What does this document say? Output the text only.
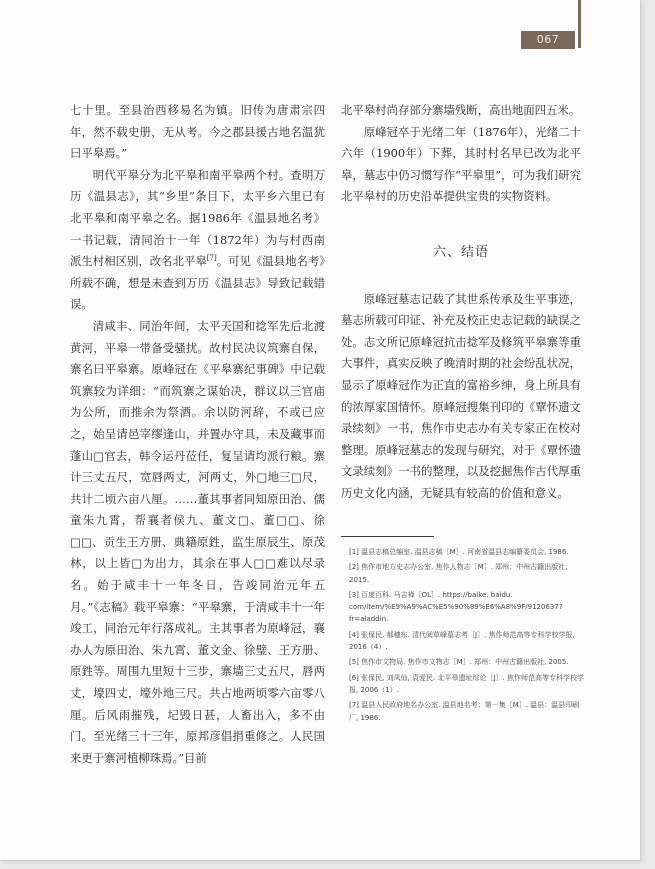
067

七十里。至县治西移易名为镇。旧传为唐肃宗四年，然不载史册，无从考。今之郡县援古地名温犹曰平皋焉。”

明代平皋分为北平皋和南平皋两个村。查明万历《温县志》，其“乡里”条目下，太平乡六里已有北平皋和南平皋之名。据1986年《温县地名考》一书记载，清同治十一年（1872年）为与村西南派生村相区别，改名北平皋[7]。可见《温县地名考》所载不确，想是未查到万历《温县志》导致记载错误。

清咸丰、同治年间，太平天国和捻军先后北渡黄河，平皋一带备受骚扰。故村民决议筑寨自保，寨名曰平皋寨。原峰冠在《平皋寨纪事碑》中记载筑寨较为详细：“而筑寨之谋始决，群议以三官庙为公所，而推余为祭酒。余以防河辞，不或已应之，始呈请邑宰缪逢山，并置办守具，未及藏事而蓬山□官去，韩令运丹莅任，复呈请均派行粮。寨计三丈五尺，宽唇两丈，河两丈，外□地三□尺，共计二顷六亩八厘。……董其事者同知原田治、儒童朱九霄，帮襄者侯九、董文□、董□□、徐□□、贡生王方册、典籍原鉎，监生原辰生、原茂林，以上皆□为出力，其余在事人□□难以尽录名。始于咸丰十一年冬日，告竣同治元年五月。”《志稿》载平皋寨：“平皋寨，于清咸丰十一年竣工，同治元年行落成礼。主其事者为原峰冠，襄办人为原田治、朱九霄、董文金、徐璧、王方册、原鉎等。周围九里短十三步，寨墙三丈五尺，唇两丈，壕四丈，壕外地三尺。共占地两顷零六亩零八厘。后风雨摧残，圮毁日甚，人畜出入，多不由门。至光绪三十三年，原邦彦倡捐重修之。人民国来更于寨河植柳珠焉。”目前

北平皋村尚存部分寨墙残断，高出地面四五米。

原峰冠卒于光绪二年（1876年），光绪二十六年（1900年）下葬，其时村名早已改为北平皋，墓志中仍习惯写作“平皋里”，可为我们研究北平皋村的历史沿革提供宝贵的实物资料。

六、结语

原峰冠墓志记载了其世系传承及生平事迹，墓志所载可印证、补充及校正史志记载的缺误之处。志文所记原峰冠抗击捻军及修筑平皋寨等重大事件，真实反映了晚清时期的社会纷乱状况，显示了原峰冠作为正直的富裕乡绅，身上所具有的浓厚家国情怀。原峰冠搜集刊印的《覃怀遗文录续刻》一书，焦作市史志办有关专家正在校对整理。原峰冠墓志的发现与研究，对于《覃怀遗文录续刻》一书的整理，以及挖掘焦作古代厚重历史文化内涵，无疑具有较高的价值和意义。

[1] 温县志稿总编室. 温县志稿［M］. 河南省温县志编纂委员会, 1986.

[2] 焦作市地方史志办公室. 焦作人物志［M］. 郑州：中州古籍出版社, 2015.

[3] 百度百科. 马吉禅［OL］. https://baike. baidu. com/item/%E9%A9%AC%E5%90%89%E6%A8%9F/9120637?fr=aladdin.

[4] 张保民, 郝穗东. 清代阅草峰墓志考［J］. 焦作师范高等专科学校学报, 2016（4）.

[5] 焦作市文物局. 焦作市文物志［M］. 郑州：中州古籍出版社, 2005.

[6] 张保民, 刘凤仙, 袁爱民. 北平皋遗址综论［J］. 焦作师范高等专科学校学报, 2006（1）.

[7] 温县人民政府地名办公室. 温县地名考：第一集［M］. 温县：温县印刷厂, 1986.
